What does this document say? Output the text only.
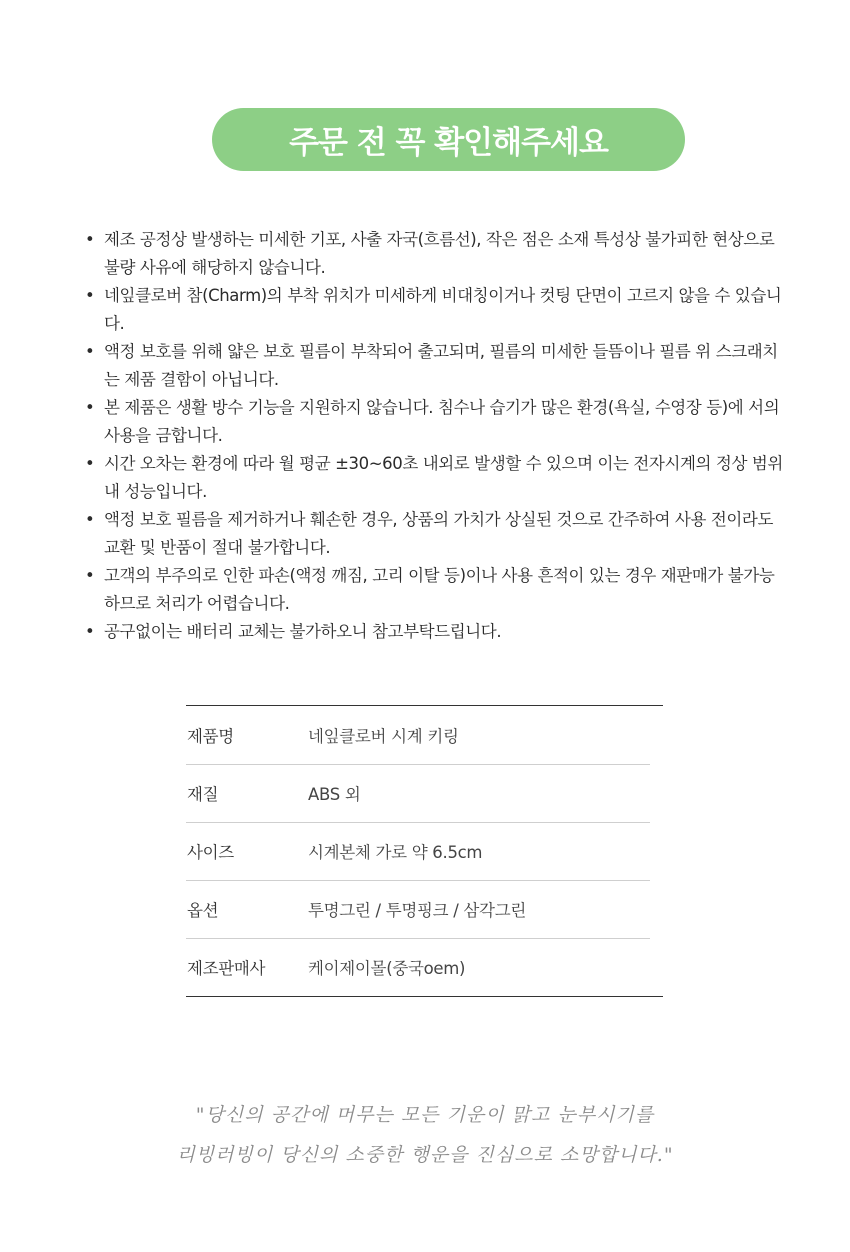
주문 전 꼭 확인해주세요
• 제조 공정상 발생하는 미세한 기포, 사출 자국(흐름선), 작은 점은 소재 특성상 불가피한 현상으로 불량 사유에 해당하지 않습니다.
• 네잎클로버 참(Charm)의 부착 위치가 미세하게 비대칭이거나 컷팅 단면이 고르지 않을 수 있습니다.
• 액정 보호를 위해 얇은 보호 필름이 부착되어 출고되며, 필름의 미세한 들뜸이나 필름 위 스크래치는 제품 결함이 아닙니다.
• 본 제품은 생활 방수 기능을 지원하지 않습니다. 침수나 습기가 많은 환경(욕실, 수영장 등)에 서의 사용을 금합니다.
• 시간 오차는 환경에 따라 월 평균 ±30~60초 내외로 발생할 수 있으며 이는 전자시계의 정상 범위 내 성능입니다.
• 액정 보호 필름을 제거하거나 훼손한 경우, 상품의 가치가 상실된 것으로 간주하여 사용 전이라도 교환 및 반품이 절대 불가합니다.
• 고객의 부주의로 인한 파손(액정 깨짐, 고리 이탈 등)이나 사용 흔적이 있는 경우 재판매가 불가능하므로 처리가 어렵습니다.
• 공구없이는 배터리 교체는 불가하오니 참고부탁드립니다.
제품명	네잎클로버 시계 키링
재질	ABS 외
사이즈	시계본체 가로 약 6.5cm
옵션	투명그린 / 투명핑크 / 삼각그린
제조판매사	케이제이몰(중국oem)
"당신의 공간에 머무는 모든 기운이 맑고 눈부시기를
리빙러빙이 당신의 소중한 행운을 진심으로 소망합니다."
